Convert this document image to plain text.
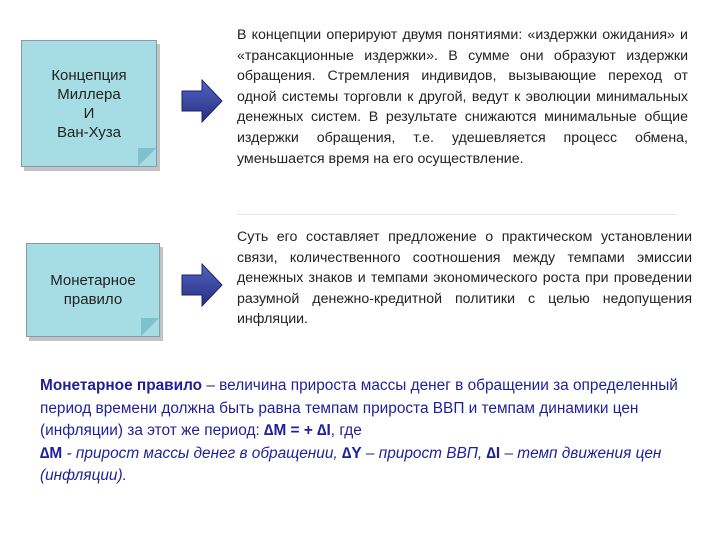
Концепция
Миллера
И
Ван-Хуза
В концепции оперируют двумя понятиями: «издержки ожидания» и «трансакционные издержки». В сумме они образуют издержки обращения. Стремления индивидов, вызывающие переход от одной системы торговли к другой, ведут к эволюции минимальных денежных систем. В результате снижаются минимальные общие издержки обращения, т.е. удешевляется процесс обмена, уменьшается время на его осуществление.
Монетарное
правило
Суть его составляет предложение о практическом установлении связи, количественного соотношения между темпами эмиссии денежных знаков и темпами экономического роста при проведении разумной денежно-кредитной политики с целью недопущения инфляции.
Монетарное правило – величина прироста массы денег в обращении за определенный период времени должна быть равна темпам прироста ВВП и темпам динамики цен (инфляции) за этот же период: ∆М = + ∆I, где
∆М - прирост массы денег в обращении, ∆Y – прирост ВВП, ∆I – темп движения цен (инфляции).
